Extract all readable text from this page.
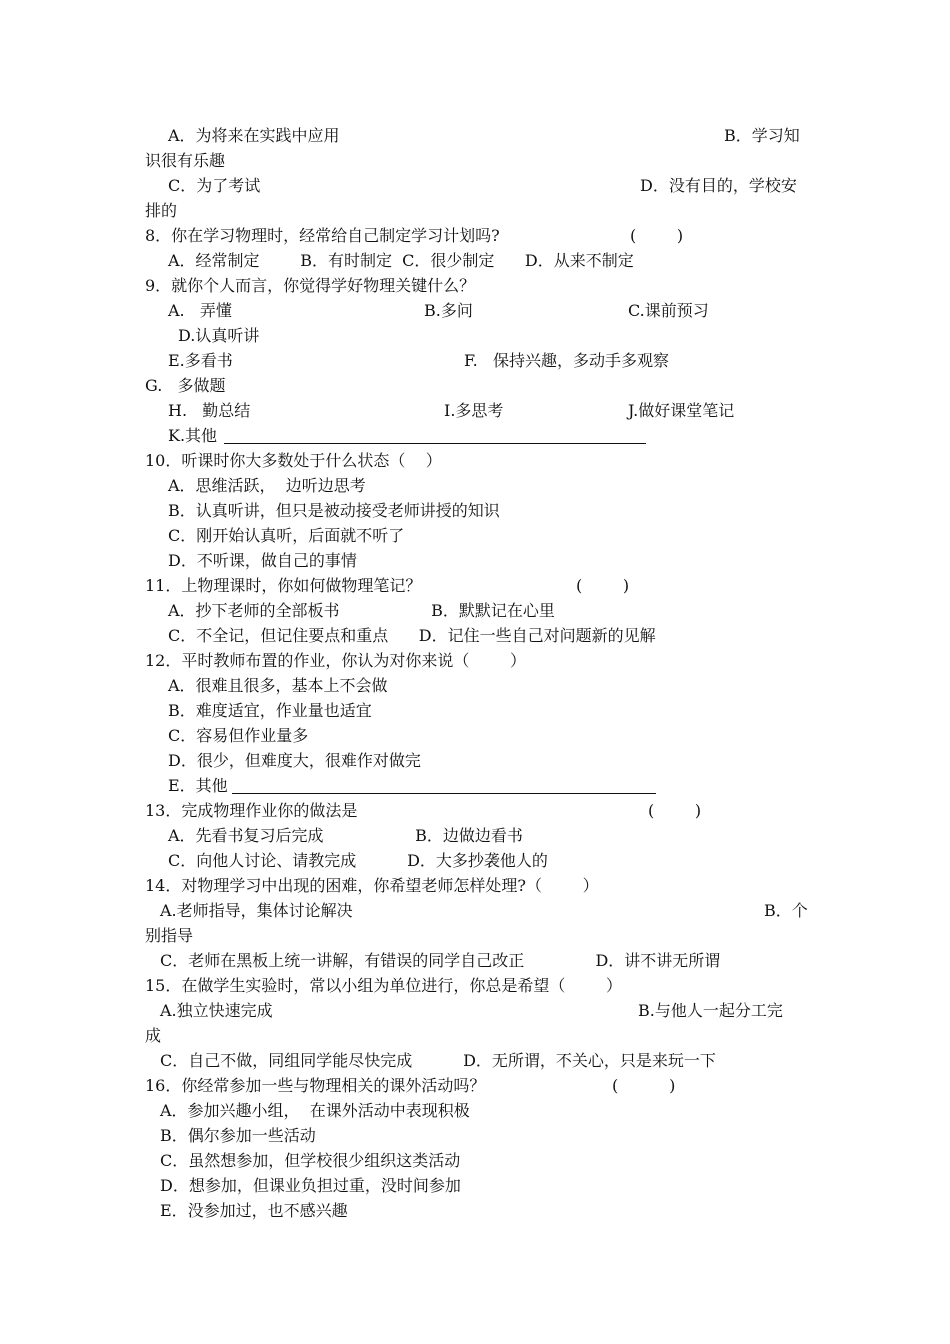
A．为将来在实践中应用	B．学习知
识很有乐趣
C．为了考试	D．没有目的，学校安
排的
8．你在学习物理时，经常给自己制定学习计划吗?	(        )
A．经常制定        B．有时制定  C．很少制定      D．从来不制定
9．就你个人而言，你觉得学好物理关键什么？
A.   弄懂	B.多问	C.课前预习
D.认真听讲
E.多看书	F.   保持兴趣，多动手多观察
G.   多做题
H.   勤总结	I.多思考	J.做好课堂笔记
K.其他
10．听课时你大多数处于什么状态（    ）
A．思维活跃，  边听边思考
B．认真听讲，但只是被动接受老师讲授的知识
C．刚开始认真听，后面就不听了
D．不听课，做自己的事情
11．上物理课时，你如何做物理笔记？	(        )
A．抄下老师的全部板书                  B．默默记在心里
C．不全记，但记住要点和重点      D．记住一些自己对问题新的见解
12．平时教师布置的作业，你认为对你来说（        ）
A．很难且很多，基本上不会做
B．难度适宜，作业量也适宜
C．容易但作业量多
D．很少，但难度大，很难作对做完
E．其他
13．完成物理作业你的做法是	(        )
A．先看书复习后完成                  B．边做边看书
C．向他人讨论、请教完成          D．大多抄袭他人的
14．对物理学习中出现的困难，你希望老师怎样处理?（        ）
A.老师指导，集体讨论解决	B．个
别指导
C．老师在黑板上统一讲解，有错误的同学自己改正              D．讲不讲无所谓
15．在做学生实验时，常以小组为单位进行，你总是希望（        ）
A.独立快速完成	B.与他人一起分工完
成
C．自己不做，同组同学能尽快完成          D．无所谓，不关心，只是来玩一下
16．你经常参加一些与物理相关的课外活动吗？	(          )
A．参加兴趣小组，  在课外活动中表现积极
B．偶尔参加一些活动
C．虽然想参加，但学校很少组织这类活动
D．想参加，但课业负担过重，没时间参加
E．没参加过，也不感兴趣
